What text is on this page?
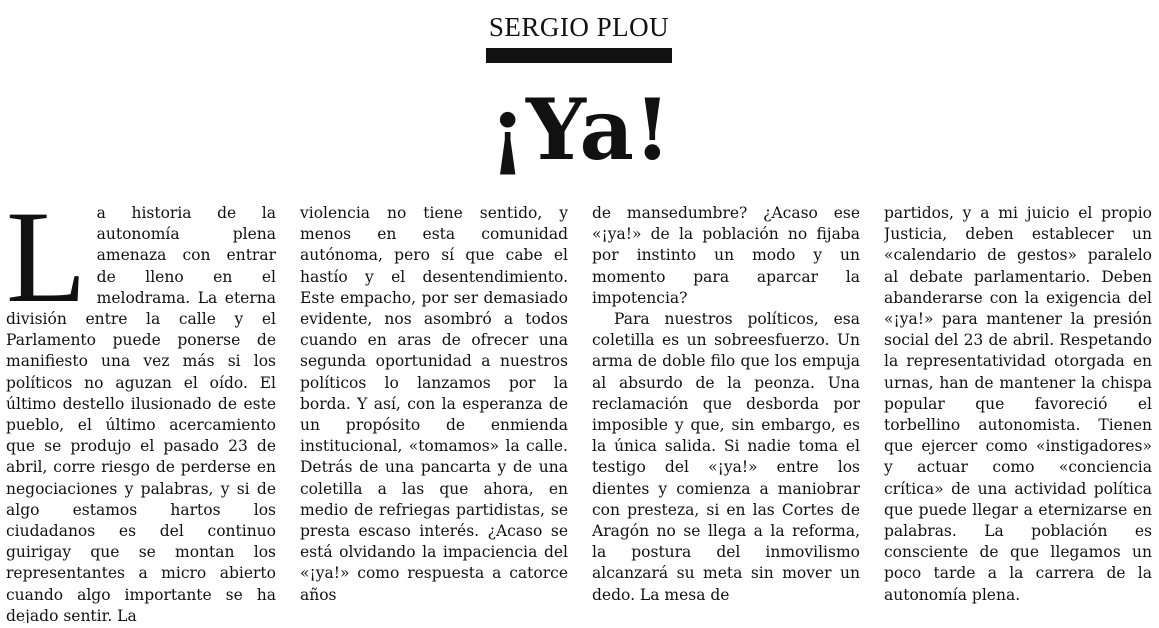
SERGIO PLOU
¡Ya!
L a historia de la autonomía plena amenaza con entrar de lleno en el melodrama. La eterna división entre la calle y el Parlamento puede ponerse de manifiesto una vez más si los políticos no aguzan el oído. El último destello ilusionado de este pueblo, el último acercamiento que se produjo el pasado 23 de abril, corre riesgo de perderse en negociaciones y palabras, y si de algo estamos hartos los ciudadanos es del continuo guirigay que se montan los representantes a micro abierto cuando algo importante se ha dejado sentir. La

violencia no tiene sentido, y menos en esta comunidad autónoma, pero sí que cabe el hastío y el desentendimiento. Este empacho, por ser demasiado evidente, nos asombró a todos cuando en aras de ofrecer una segunda oportunidad a nuestros políticos lo lanzamos por la borda. Y así, con la esperanza de un propósito de enmienda institucional, «tomamos» la calle. Detrás de una pancarta y de una coletilla a las que ahora, en medio de refriegas partidistas, se presta escaso interés. ¿Acaso se está olvidando la impaciencia del «¡ya!» como respuesta a catorce años

de mansedumbre? ¿Acaso ese «¡ya!» de la población no fijaba por instinto un modo y un momento para aparcar la impotencia?

Para nuestros políticos, esa coletilla es un sobreesfuerzo. Un arma de doble filo que los empuja al absurdo de la peonza. Una reclamación que desborda por imposible y que, sin embargo, es la única salida. Si nadie toma el testigo del «¡ya!» entre los dientes y comienza a maniobrar con presteza, si en las Cortes de Aragón no se llega a la reforma, la postura del inmovilismo alcanzará su meta sin mover un dedo. La mesa de

partidos, y a mi juicio el propio Justicia, deben establecer un «calendario de gestos» paralelo al debate parlamentario. Deben abanderarse con la exigencia del «¡ya!» para mantener la presión social del 23 de abril. Respetando la representatividad otorgada en urnas, han de mantener la chispa popular que favoreció el torbellino autonomista. Tienen que ejercer como «instigadores» y actuar como «conciencia crítica» de una actividad política que puede llegar a eternizarse en palabras. La población es consciente de que llegamos un poco tarde a la carrera de la autonomía plena.
